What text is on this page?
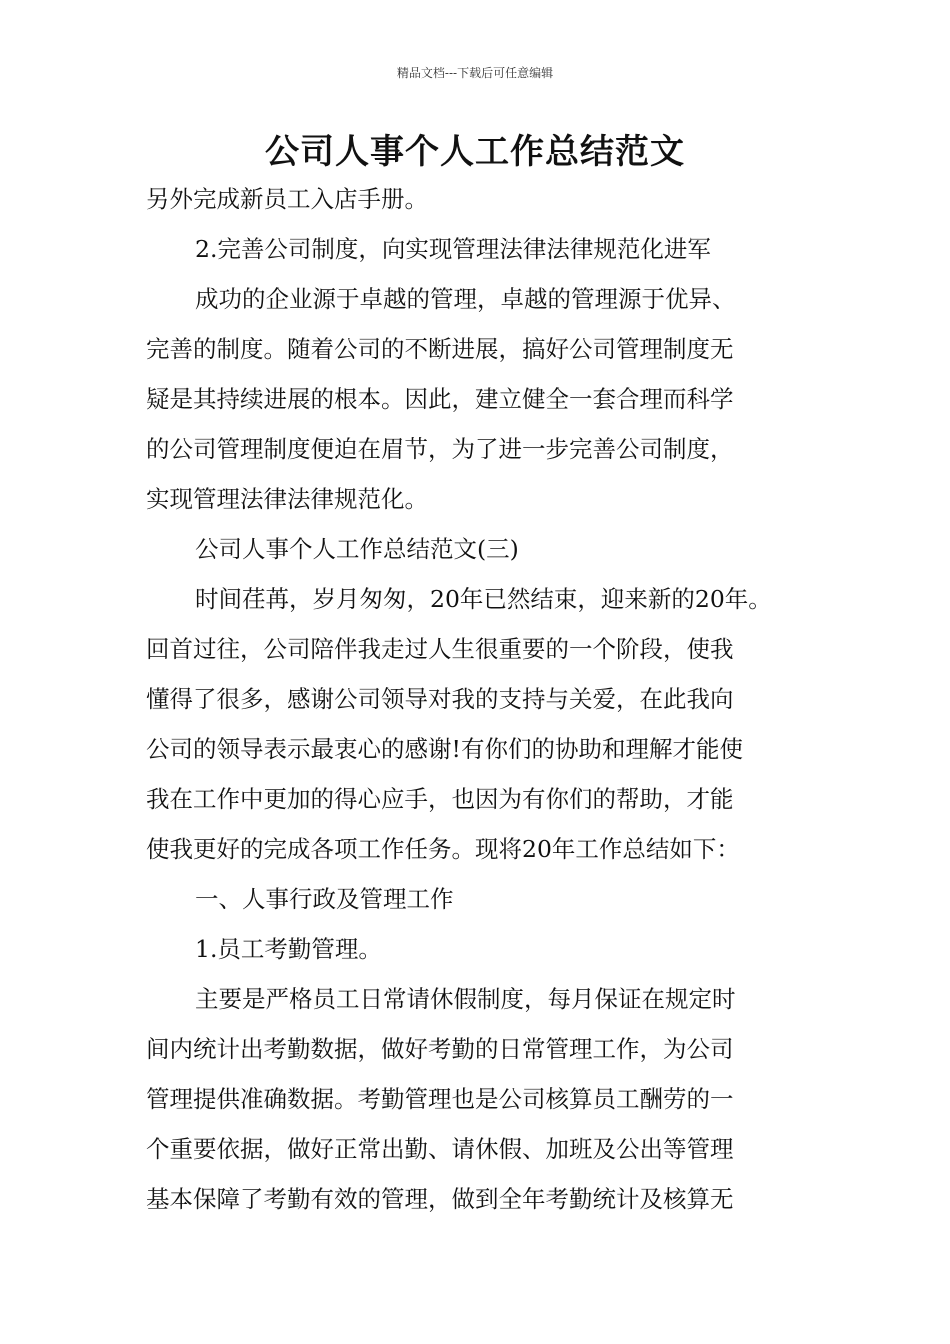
精品文档---下载后可任意编辑
公司人事个人工作总结范文
另外完成新员工入店手册。
2.完善公司制度，向实现管理法律法律规范化进军
成功的企业源于卓越的管理，卓越的管理源于优异、
完善的制度。随着公司的不断进展，搞好公司管理制度无
疑是其持续进展的根本。因此，建立健全一套合理而科学
的公司管理制度便迫在眉节，为了进一步完善公司制度，
实现管理法律法律规范化。
公司人事个人工作总结范文(三)
时间荏苒，岁月匆匆，20年已然结束，迎来新的20年。
回首过往，公司陪伴我走过人生很重要的一个阶段，使我
懂得了很多，感谢公司领导对我的支持与关爱，在此我向
公司的领导表示最衷心的感谢!有你们的协助和理解才能使
我在工作中更加的得心应手，也因为有你们的帮助，才能
使我更好的完成各项工作任务。现将20年工作总结如下：
一、人事行政及管理工作
1.员工考勤管理。
主要是严格员工日常请休假制度，每月保证在规定时
间内统计出考勤数据，做好考勤的日常管理工作，为公司
管理提供准确数据。考勤管理也是公司核算员工酬劳的一
个重要依据，做好正常出勤、请休假、加班及公出等管理
基本保障了考勤有效的管理，做到全年考勤统计及核算无
